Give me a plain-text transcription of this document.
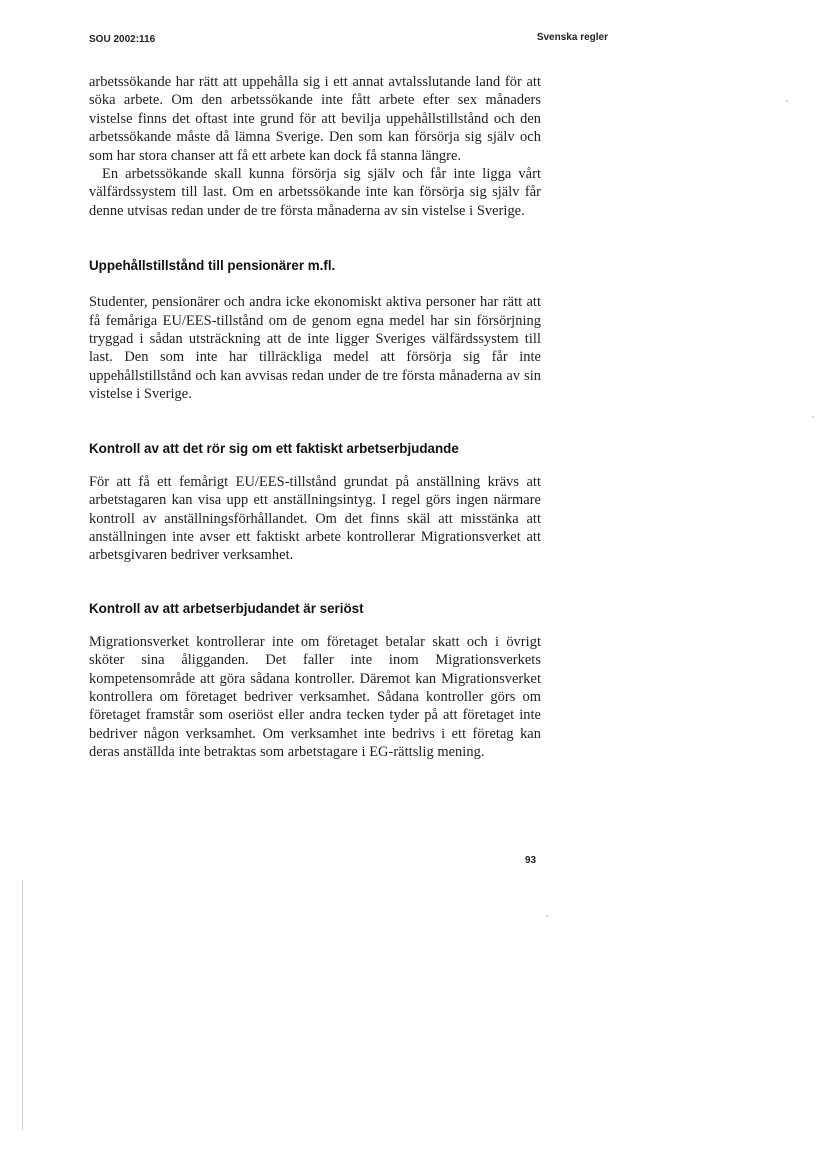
SOU 2002:116	Svenska regler

arbetssökande har rätt att uppehålla sig i ett annat avtalsslutande land för att söka arbete. Om den arbetssökande inte fått arbete efter sex månaders vistelse finns det oftast inte grund för att bevilja uppehållstillstånd och den arbetssökande måste då lämna Sverige. Den som kan försörja sig själv och som har stora chanser att få ett arbete kan dock få stanna längre.

En arbetssökande skall kunna försörja sig själv och får inte ligga vårt välfärdssystem till last. Om en arbetssökande inte kan försörja sig själv får denne utvisas redan under de tre första månaderna av sin vistelse i Sverige.

Uppehållstillstånd till pensionärer m.fl.

Studenter, pensionärer och andra icke ekonomiskt aktiva personer har rätt att få femåriga EU/EES-tillstånd om de genom egna medel har sin försörjning tryggad i sådan utsträckning att de inte ligger Sveriges välfärdssystem till last. Den som inte har tillräckliga medel att försörja sig får inte uppehållstillstånd och kan avvisas redan under de tre första månaderna av sin vistelse i Sverige.

Kontroll av att det rör sig om ett faktiskt arbetserbjudande

För att få ett femårigt EU/EES-tillstånd grundat på anställning krävs att arbetstagaren kan visa upp ett anställningsintyg. I regel görs ingen närmare kontroll av anställningsförhållandet. Om det finns skäl att misstänka att anställningen inte avser ett faktiskt arbete kontrollerar Migrationsverket att arbetsgivaren bedriver verksamhet.

Kontroll av att arbetserbjudandet är seriöst

Migrationsverket kontrollerar inte om företaget betalar skatt och i övrigt sköter sina åligganden. Det faller inte inom Migrationsverkets kompetensområde att göra sådana kontroller. Däremot kan Migrationsverket kontrollera om företaget bedriver verksamhet. Sådana kontroller görs om företaget framstår som oseriöst eller andra tecken tyder på att företaget inte bedriver någon verksamhet. Om verksamhet inte bedrivs i ett företag kan deras anställda inte betraktas som arbetstagare i EG-rättslig mening.

93
